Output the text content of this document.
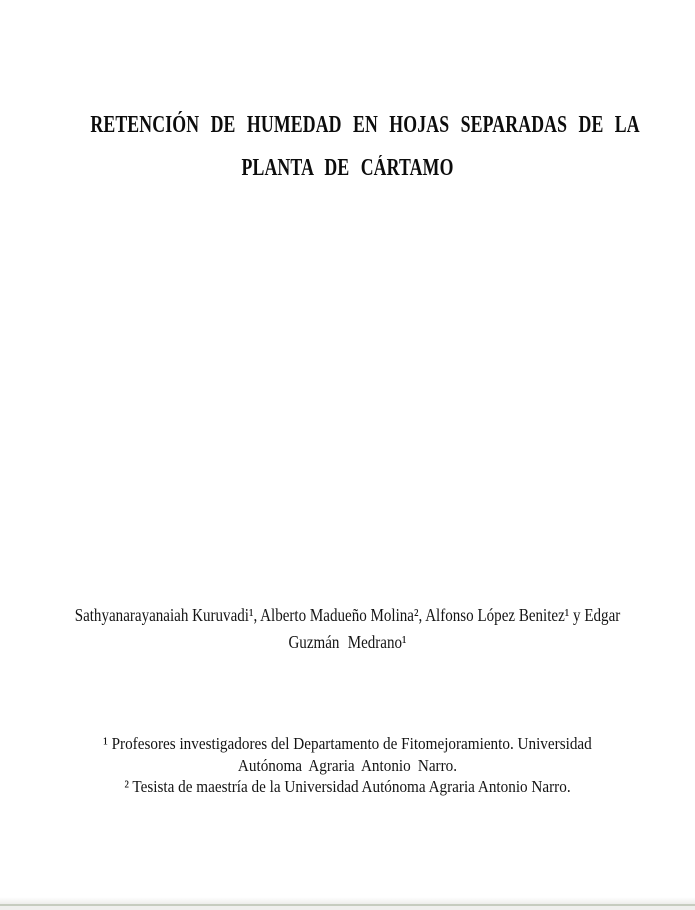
RETENCIÓN DE HUMEDAD EN HOJAS SEPARADAS DE LA
PLANTA DE CÁRTAMO
Sathyanarayanaiah Kuruvadi¹, Alberto Madueño Molina², Alfonso López Benitez¹ y Edgar
Guzmán Medrano¹
¹ Profesores investigadores del Departamento de Fitomejoramiento. Universidad
Autónoma Agraria Antonio Narro.
² Tesista de maestría de la Universidad Autónoma Agraria Antonio Narro.
